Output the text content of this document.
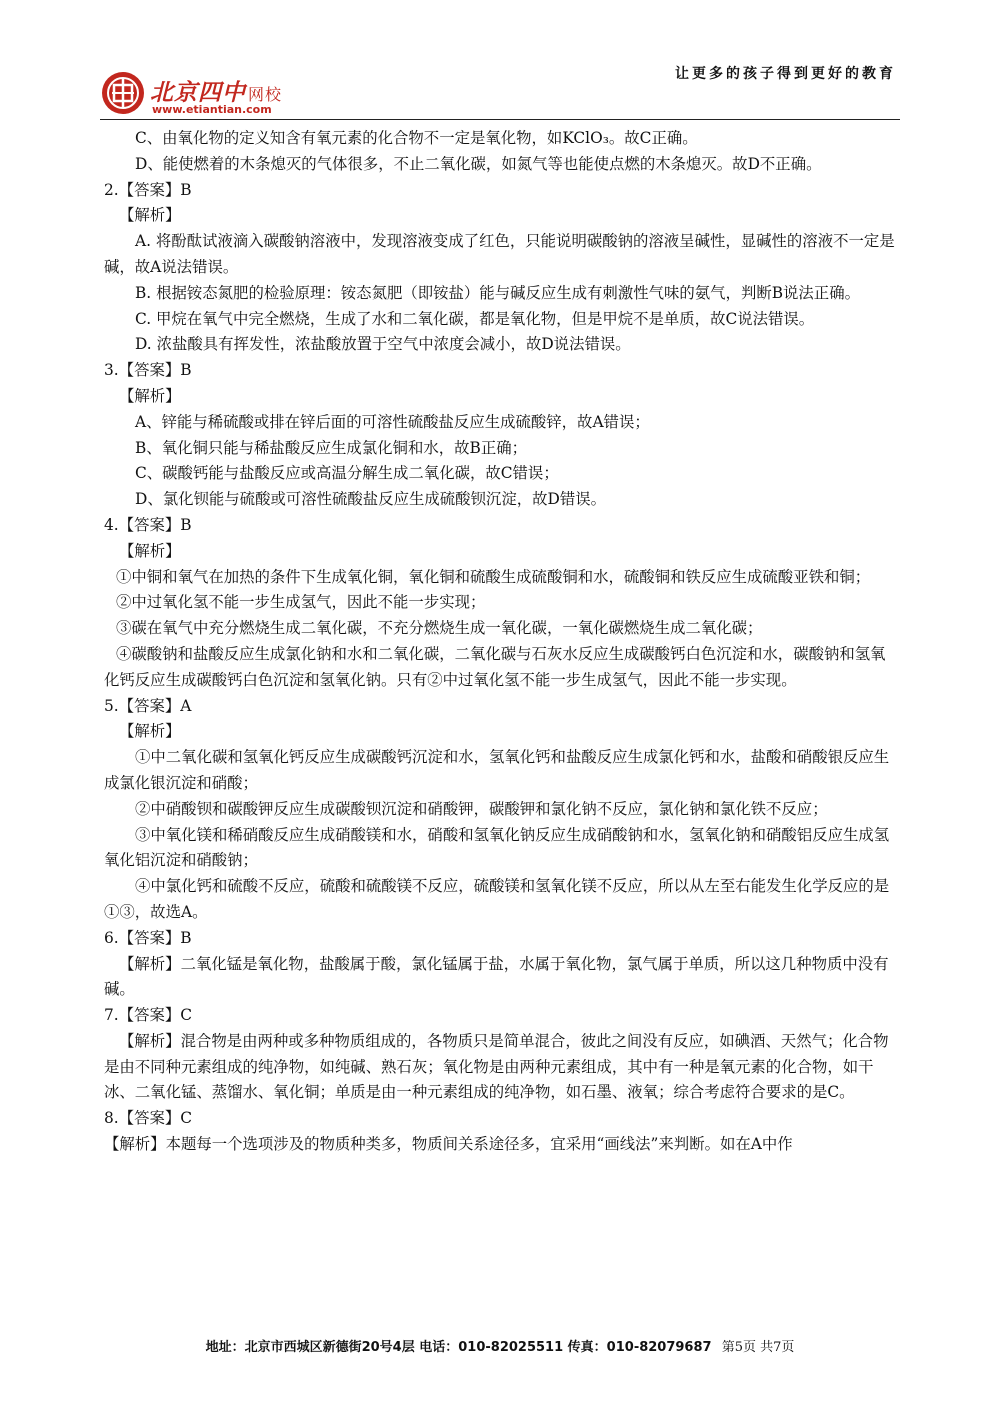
北京四中 网校
www.etiantian.com
让更多的孩子得到更好的教育

C、由氧化物的定义知含有氧元素的化合物不一定是氧化物，如KClO₃。故C正确。

D、能使燃着的木条熄灭的气体很多，不止二氧化碳，如氮气等也能使点燃的木条熄灭。故D不正确。

2.【答案】B

【解析】

A. 将酚酞试液滴入碳酸钠溶液中，发现溶液变成了红色，只能说明碳酸钠的溶液呈碱性，显碱性的溶液不一定是碱，故A说法错误。

B. 根据铵态氮肥的检验原理：铵态氮肥（即铵盐）能与碱反应生成有刺激性气味的氨气，判断B说法正确。

C. 甲烷在氧气中完全燃烧，生成了水和二氧化碳，都是氧化物，但是甲烷不是单质，故C说法错误。

D. 浓盐酸具有挥发性，浓盐酸放置于空气中浓度会减小，故D说法错误。

3.【答案】B

【解析】

A、锌能与稀硫酸或排在锌后面的可溶性硫酸盐反应生成硫酸锌，故A错误；

B、氧化铜只能与稀盐酸反应生成氯化铜和水，故B正确；

C、碳酸钙能与盐酸反应或高温分解生成二氧化碳，故C错误；

D、氯化钡能与硫酸或可溶性硫酸盐反应生成硫酸钡沉淀，故D错误。

4.【答案】B

【解析】

①中铜和氧气在加热的条件下生成氧化铜，氧化铜和硫酸生成硫酸铜和水，硫酸铜和铁反应生成硫酸亚铁和铜；

②中过氧化氢不能一步生成氢气，因此不能一步实现；

③碳在氧气中充分燃烧生成二氧化碳，不充分燃烧生成一氧化碳，一氧化碳燃烧生成二氧化碳；

④碳酸钠和盐酸反应生成氯化钠和水和二氧化碳，二氧化碳与石灰水反应生成碳酸钙白色沉淀和水，碳酸钠和氢氧化钙反应生成碳酸钙白色沉淀和氢氧化钠。只有②中过氧化氢不能一步生成氢气，因此不能一步实现。

5.【答案】A

【解析】

①中二氧化碳和氢氧化钙反应生成碳酸钙沉淀和水，氢氧化钙和盐酸反应生成氯化钙和水，盐酸和硝酸银反应生成氯化银沉淀和硝酸；

②中硝酸钡和碳酸钾反应生成碳酸钡沉淀和硝酸钾，碳酸钾和氯化钠不反应，氯化钠和氯化铁不反应；

③中氧化镁和稀硝酸反应生成硝酸镁和水，硝酸和氢氧化钠反应生成硝酸钠和水，氢氧化钠和硝酸铝反应生成氢氧化铝沉淀和硝酸钠；

④中氯化钙和硫酸不反应，硫酸和硫酸镁不反应，硫酸镁和氢氧化镁不反应，所以从左至右能发生化学反应的是①③，故选A。

6.【答案】B

【解析】二氧化锰是氧化物，盐酸属于酸，氯化锰属于盐，水属于氧化物，氯气属于单质，所以这几种物质中没有碱。

7.【答案】C

【解析】混合物是由两种或多种物质组成的，各物质只是简单混合，彼此之间没有反应，如碘酒、天然气；化合物是由不同种元素组成的纯净物，如纯碱、熟石灰；氧化物是由两种元素组成，其中有一种是氧元素的化合物，如干冰、二氧化锰、蒸馏水、氧化铜；单质是由一种元素组成的纯净物，如石墨、液氧；综合考虑符合要求的是C。

8.【答案】C

【解析】本题每一个选项涉及的物质种类多，物质间关系途径多，宜采用“画线法”来判断。如在A中作

地址：北京市西城区新德街20号4层 电话：010-82025511 传真：010-82079687 第5页 共7页
